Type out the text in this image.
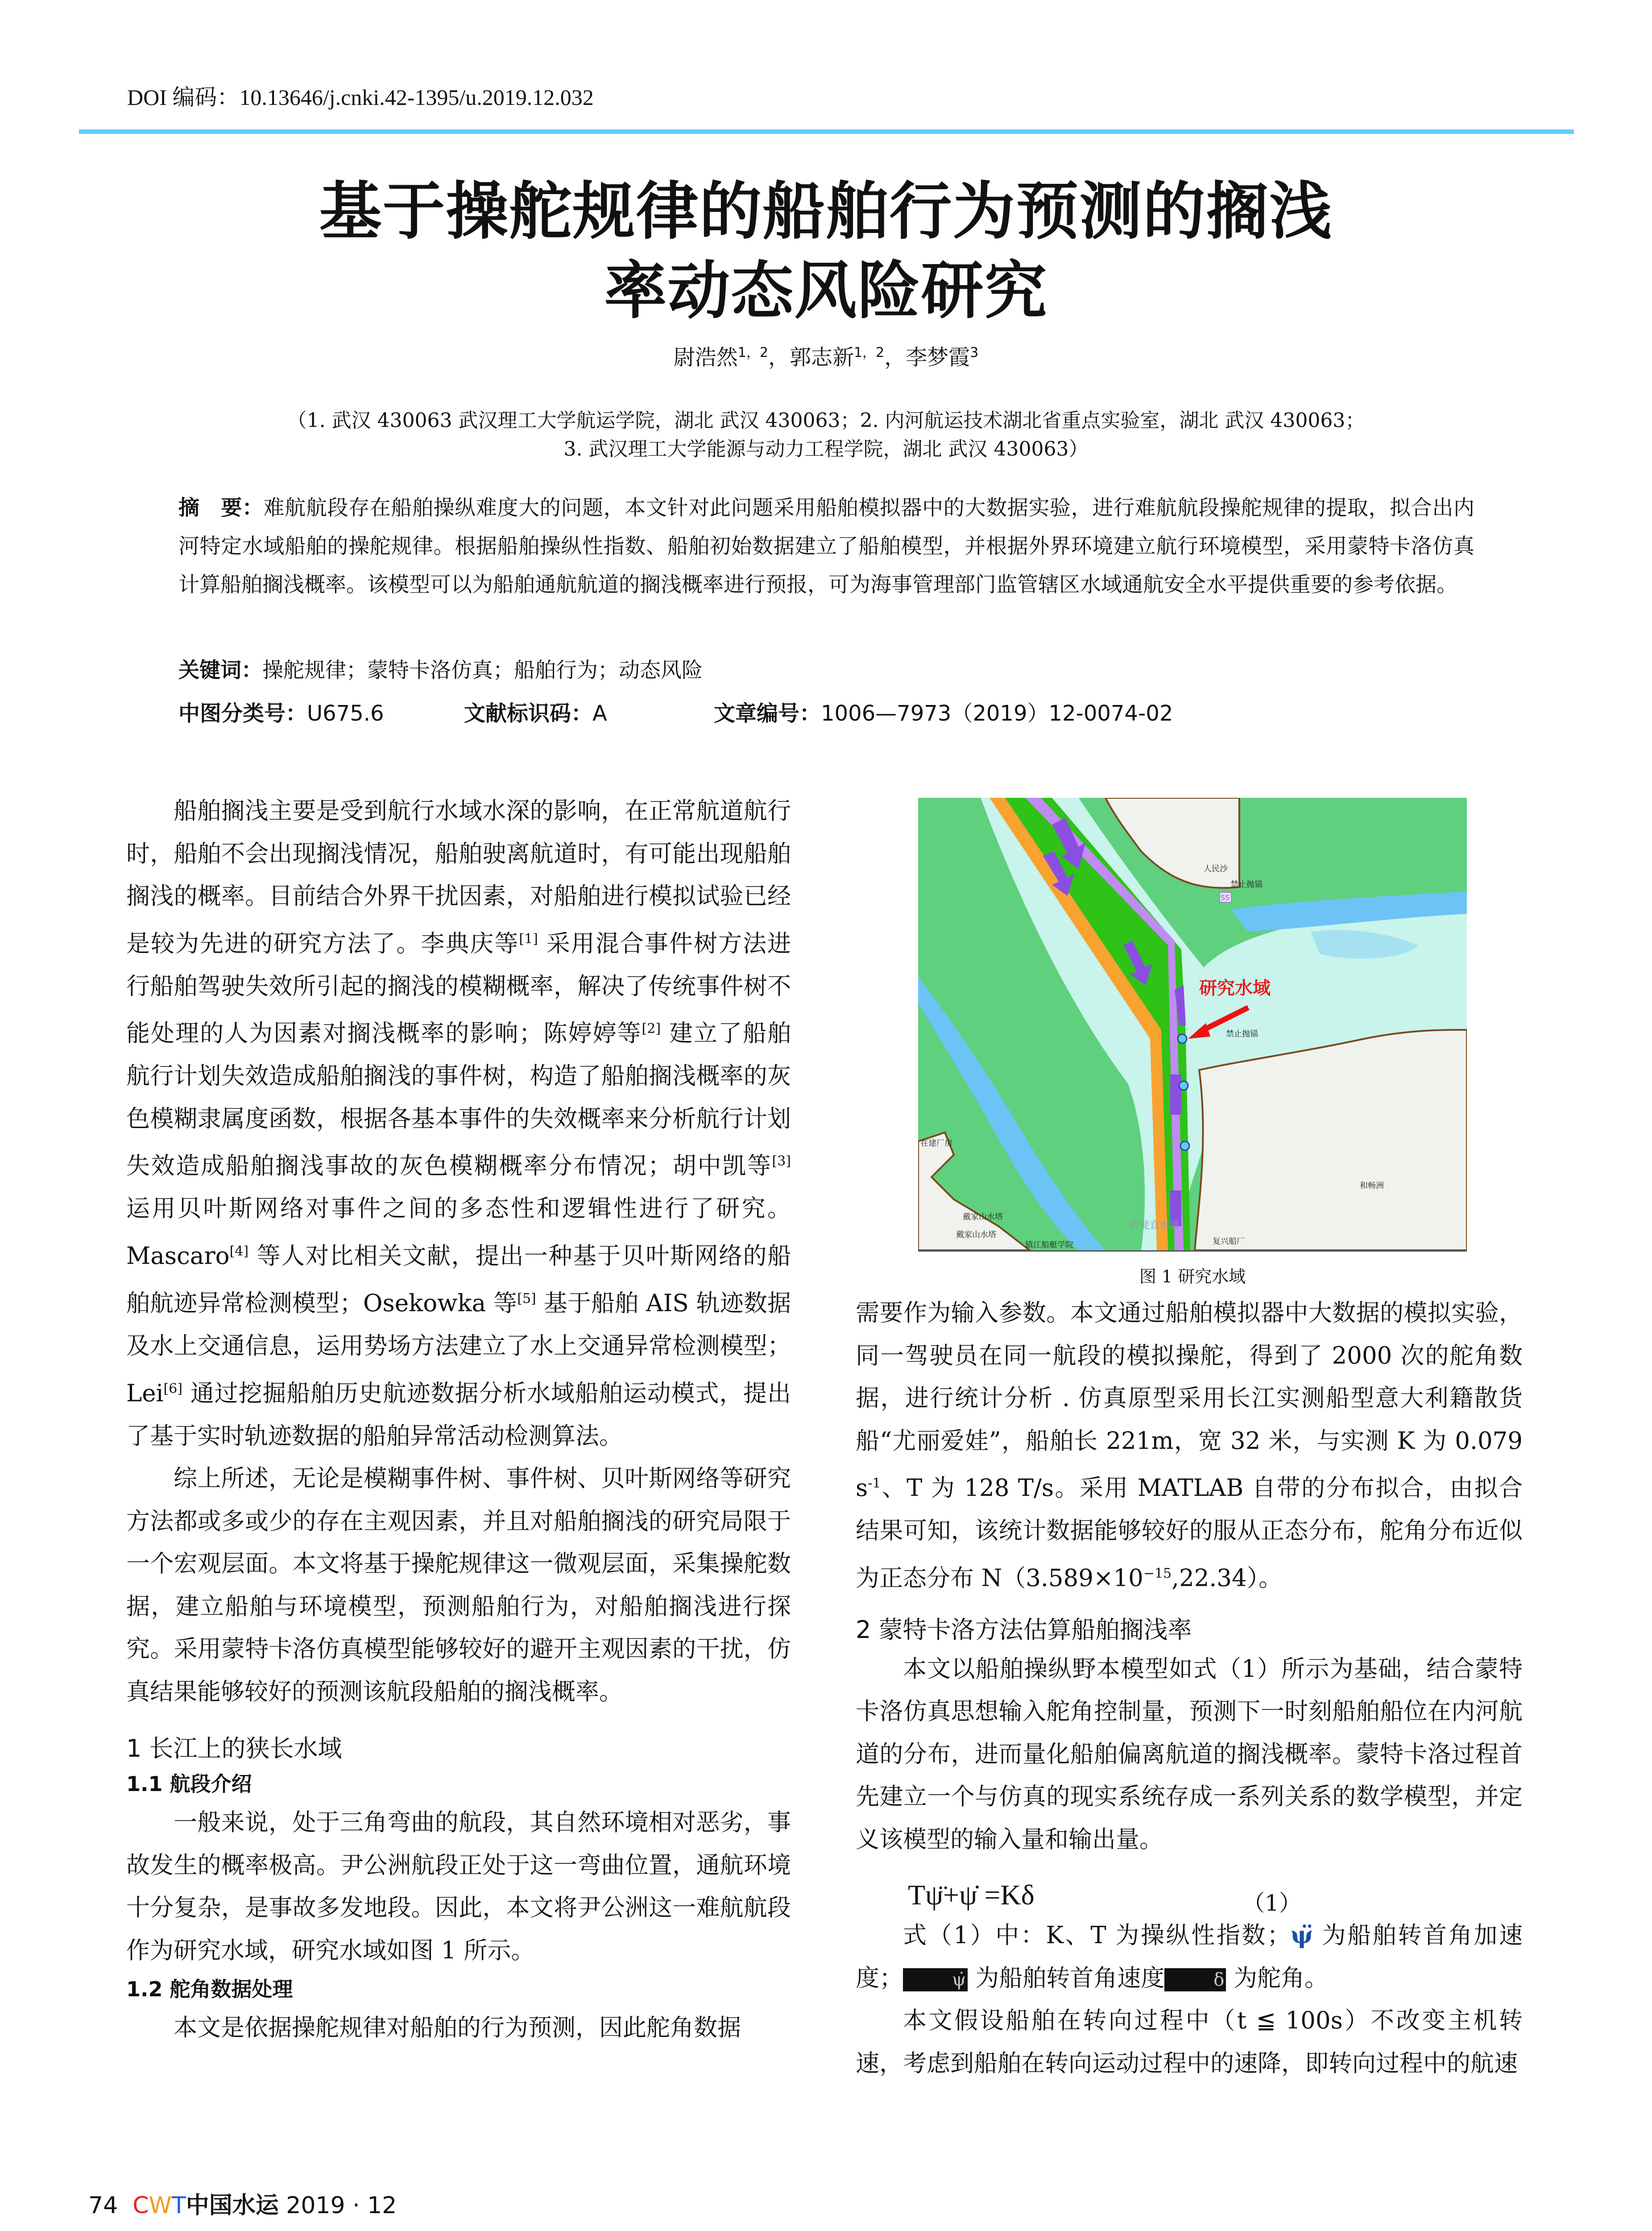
DOI 编码：10.13646/j.cnki.42-1395/u.2019.12.032
基于操舵规律的船舶行为预测的搁浅
率动态风险研究
尉浩然$^{1,2}$，郭志新$^{1,2}$，李梦霞$^3$
（1. 武汉 430063 武汉理工大学航运学院，湖北 武汉 430063；2. 内河航运技术湖北省重点实验室，湖北 武汉 430063；
3. 武汉理工大学能源与动力工程学院，湖北 武汉 430063）
摘　要：难航航段存在船舶操纵难度大的问题，本文针对此问题采用船舶模拟器中的大数据实验，进行难航航段操舵规律的提取，拟合出内河特定水域船舶的操舵规律。根据船舶操纵性指数、船舶初始数据建立了船舶模型，并根据外界环境建立航行环境模型，采用蒙特卡洛仿真计算船舶搁浅概率。该模型可以为船舶通航航道的搁浅概率进行预报，可为海事管理部门监管辖区水域通航安全水平提供重要的参考依据。
关键词：操舵规律；蒙特卡洛仿真；船舶行为；动态风险
中图分类号：U675.6	文献标识码：A	文章编号：1006—7973（2019）12-0074-02

船舶搁浅主要是受到航行水域水深的影响，在正常航道航行时，船舶不会出现搁浅情况，船舶驶离航道时，有可能出现船舶搁浅的概率。目前结合外界干扰因素，对船舶进行模拟试验已经是较为先进的研究方法了。李典庆等[1] 采用混合事件树方法进行船舶驾驶失效所引起的搁浅的模糊概率，解决了传统事件树不能处理的人为因素对搁浅概率的影响；陈婷婷等[2] 建立了船舶航行计划失效造成船舶搁浅的事件树，构造了船舶搁浅概率的灰色模糊隶属度函数，根据各基本事件的失效概率来分析航行计划失效造成船舶搁浅事故的灰色模糊概率分布情况；胡中凯等[3] 运用贝叶斯网络对事件之间的多态性和逻辑性进行了研究。 Mascaro[4] 等人对比相关文献，提出一种基于贝叶斯网络的船舶航迹异常检测模型；Osekowka 等[5] 基于船舶 AIS 轨迹数据及水上交通信息，运用势场方法建立了水上交通异常检测模型；Lei[6] 通过挖掘船舶历史航迹数据分析水域船舶运动模式，提出了基于实时轨迹数据的船舶异常活动检测算法。

综上所述，无论是模糊事件树、事件树、贝叶斯网络等研究方法都或多或少的存在主观因素，并且对船舶搁浅的研究局限于一个宏观层面。本文将基于操舵规律这一微观层面，采集操舵数据，建立船舶与环境模型，预测船舶行为，对船舶搁浅进行探究。采用蒙特卡洛仿真模型能够较好的避开主观因素的干扰，仿真结果能够较好的预测该航段船舶的搁浅概率。

1 长江上的狭长水域

1.1 航段介绍

一般来说，处于三角弯曲的航段，其自然环境相对恶劣，事故发生的概率极高。尹公洲航段正处于这一弯曲位置，通航环境十分复杂，是事故多发地段。因此，本文将尹公洲这一难航航段作为研究水域，研究水域如图 1 所示。

1.2 舵角数据处理

本文是依据操舵规律对船舶的行为预测，因此舵角数据

研究水域
人民沙
禁止抛锚
禁止抛锚
在建厂房
和畅洲
丹徒直水道
复兴船厂
戴家山水塔
戴家山水塔
镇江船艇学院
SS
图 1 研究水域

需要作为输入参数。本文通过船舶模拟器中大数据的模拟实验，同一驾驶员在同一航段的模拟操舵，得到了 2000 次的舵角数据，进行统计分析 . 仿真原型采用长江实测船型意大利籍散货船“尤丽爱娃”，船舶长 221m，宽 32 米，与实测 K 为 0.079 $s^{-1}$、T 为 128 T/s。采用 MATLAB 自带的分布拟合，由拟合结果可知，该统计数据能够较好的服从正态分布，舵角分布近似为正态分布 $N(3.589\times 10^{-15},22.34)$。

2 蒙特卡洛方法估算船舶搁浅率

本文以船舶操纵野本模型如式（1）所示为基础，结合蒙特卡洛仿真思想输入舵角控制量，预测下一时刻船舶船位在内河航道的分布，进而量化船舶偏离航道的搁浅概率。蒙特卡洛过程首先建立一个与仿真的现实系统存成一系列关系的数学模型，并定义该模型的输入量和输出量。

式（1）中：K、T 为操纵性指数；ψ̈ 为船舶转首角加速度；	ψ̇ 为船舶转首角速度	δ 为舵角。

本文假设船舶在转向过程中（t ≦ 100s）不改变主机转速，考虑到船舶在转向运动过程中的速降，即转向过程中的航速

Tψ̈+ψ̇ =Kδ	（1）
74 CWT中国水运 2019 · 12
